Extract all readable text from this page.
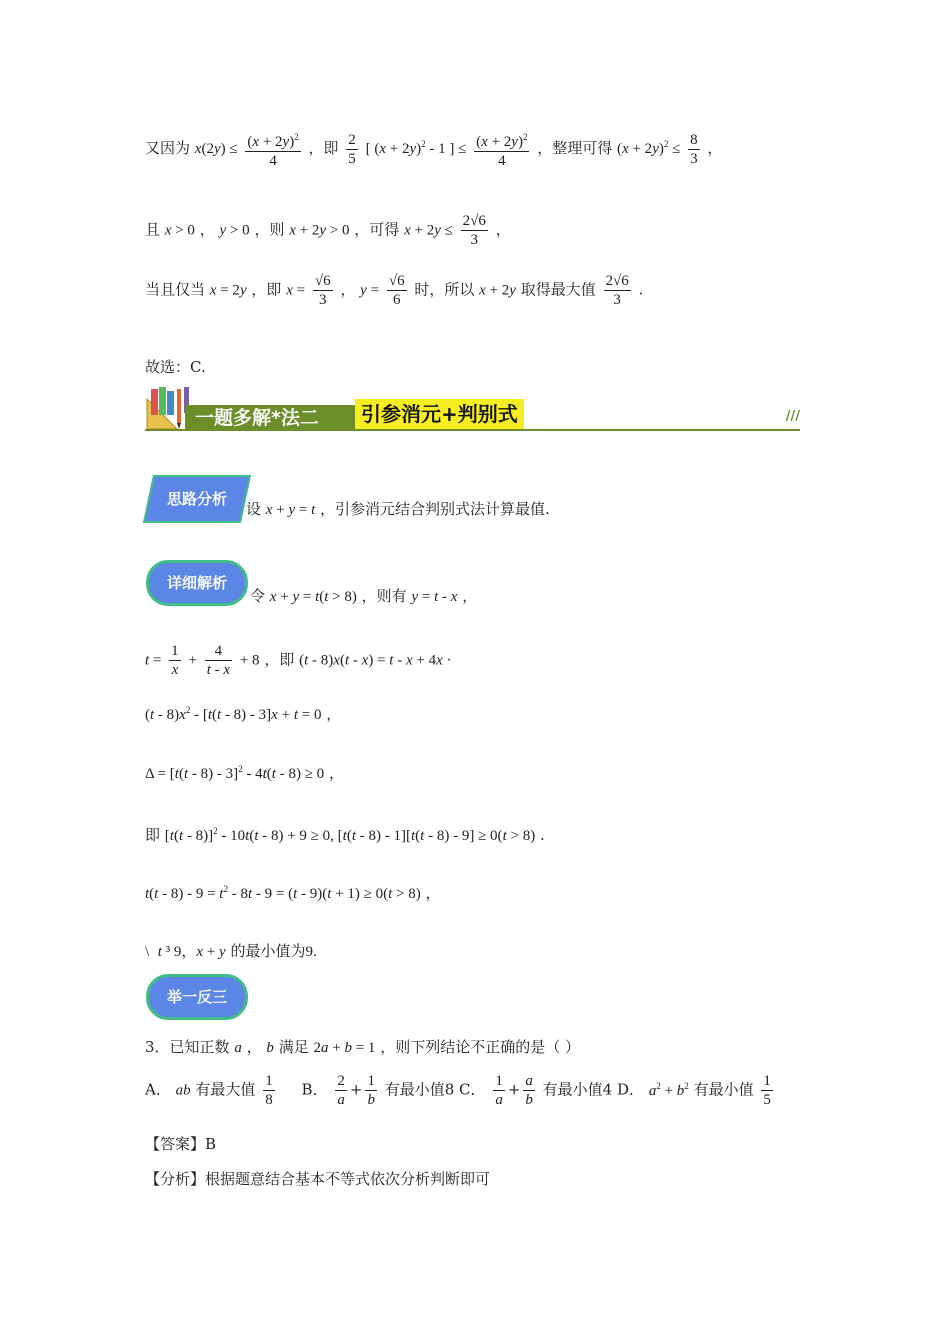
又因为 $x(2y) \le \frac{(x + 2y)^2}{4}$ ，即 $\frac{2}{5}$ [ $(x + 2y)^2 - 1$ ] ≤ $\frac{(x + 2y)^2}{4}$ ，整理可得 $(x + 2y)^2 \le \frac{8}{3}$ ，
且 x > 0 ， y > 0 ，则 x + 2y > 0 ，可得 $x + 2y \le \frac{2√6}{3}$ ，
当且仅当 x = 2y ，即 $x = \frac{√6}{3}$ ， $y = \frac{√6}{6}$ 时，所以 x + 2y 取得最大值 $\frac{2√6}{3}$ .
故选：C.
一题多解*法二	引参消元+判别式	///
思路分析
设 x + y = t ，引参消元结合判别式法计算最值.
详细解析
令 x + y = t(t > 8) ，则有 y = t - x ，
$t = \frac{1}{x} + \frac{4}{t - x} + 8$ ，即 (t - 8)x(t - x) = t - x + 4x ·
$(t - 8)x^2 - [t(t - 8) - 3]x + t = 0$ ，
Δ = [t(t - 8) - 3]$^2$ - 4t(t - 8) ≥ 0 ，
即 [t(t - 8)]$^2$ - 10t(t - 8) + 9 ≥ 0, [t(t - 8) - 1][t(t - 8) - 9] ≥ 0(t > 8) .
$t(t - 8) - 9 = t^2 - 8t - 9 = (t - 9)(t + 1) \ge 0(t > 8)$ ，
\ t ³ 9，x + y 的最小值为9.
举一反三
3．已知正数 a ， b 满足 2a + b = 1 ，则下列结论不正确的是（ ）
A． ab 有最大值 $\frac{1}{8}$ B． $\frac{2}{a} + \frac{1}{b}$ 有最小值8 C． $\frac{1}{a} + \frac{a}{b}$ 有最小值4 D． $a^2 + b^2$ 有最小值 $\frac{1}{5}$
【答案】B
【分析】根据题意结合基本不等式依次分析判断即可
